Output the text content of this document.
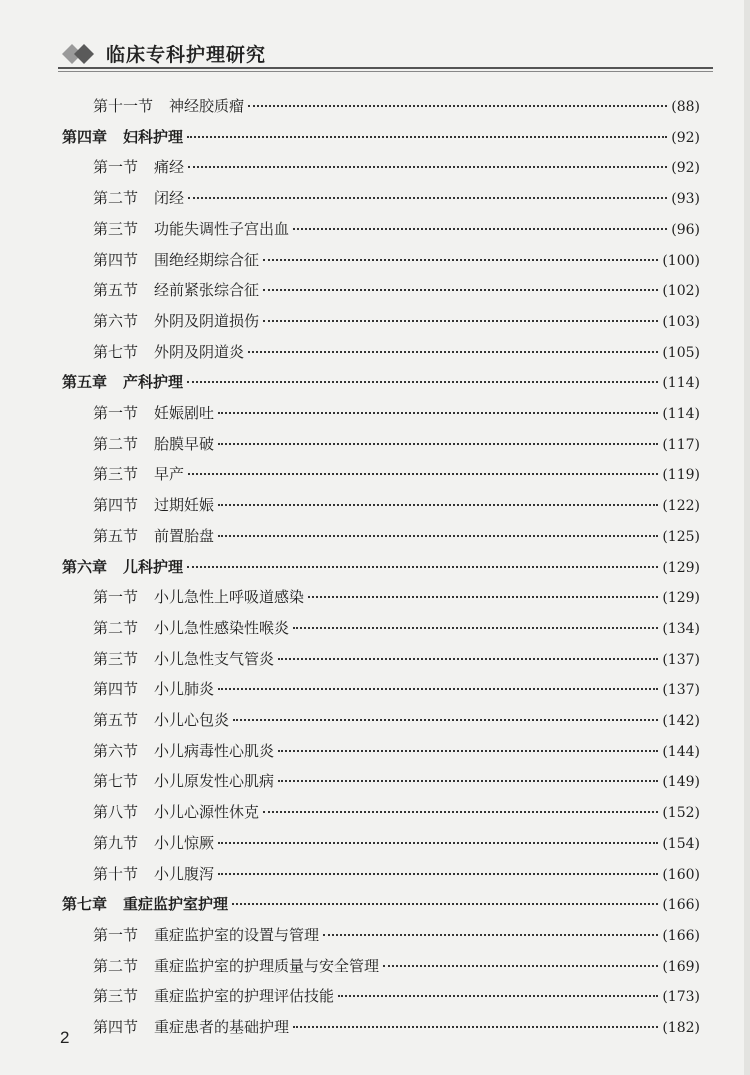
临床专科护理研究
第十一节 神经胶质瘤	(88)
第四章 妇科护理	(92)
第一节 痛经	(92)
第二节 闭经	(93)
第三节 功能失调性子宫出血	(96)
第四节 围绝经期综合征	(100)
第五节 经前紧张综合征	(102)
第六节 外阴及阴道损伤	(103)
第七节 外阴及阴道炎	(105)
第五章 产科护理	(114)
第一节 妊娠剧吐	(114)
第二节 胎膜早破	(117)
第三节 早产	(119)
第四节 过期妊娠	(122)
第五节 前置胎盘	(125)
第六章 儿科护理	(129)
第一节 小儿急性上呼吸道感染	(129)
第二节 小儿急性感染性喉炎	(134)
第三节 小儿急性支气管炎	(137)
第四节 小儿肺炎	(137)
第五节 小儿心包炎	(142)
第六节 小儿病毒性心肌炎	(144)
第七节 小儿原发性心肌病	(149)
第八节 小儿心源性休克	(152)
第九节 小儿惊厥	(154)
第十节 小儿腹泻	(160)
第七章 重症监护室护理	(166)
第一节 重症监护室的设置与管理	(166)
第二节 重症监护室的护理质量与安全管理	(169)
第三节 重症监护室的护理评估技能	(173)
第四节 重症患者的基础护理	(182)
2
